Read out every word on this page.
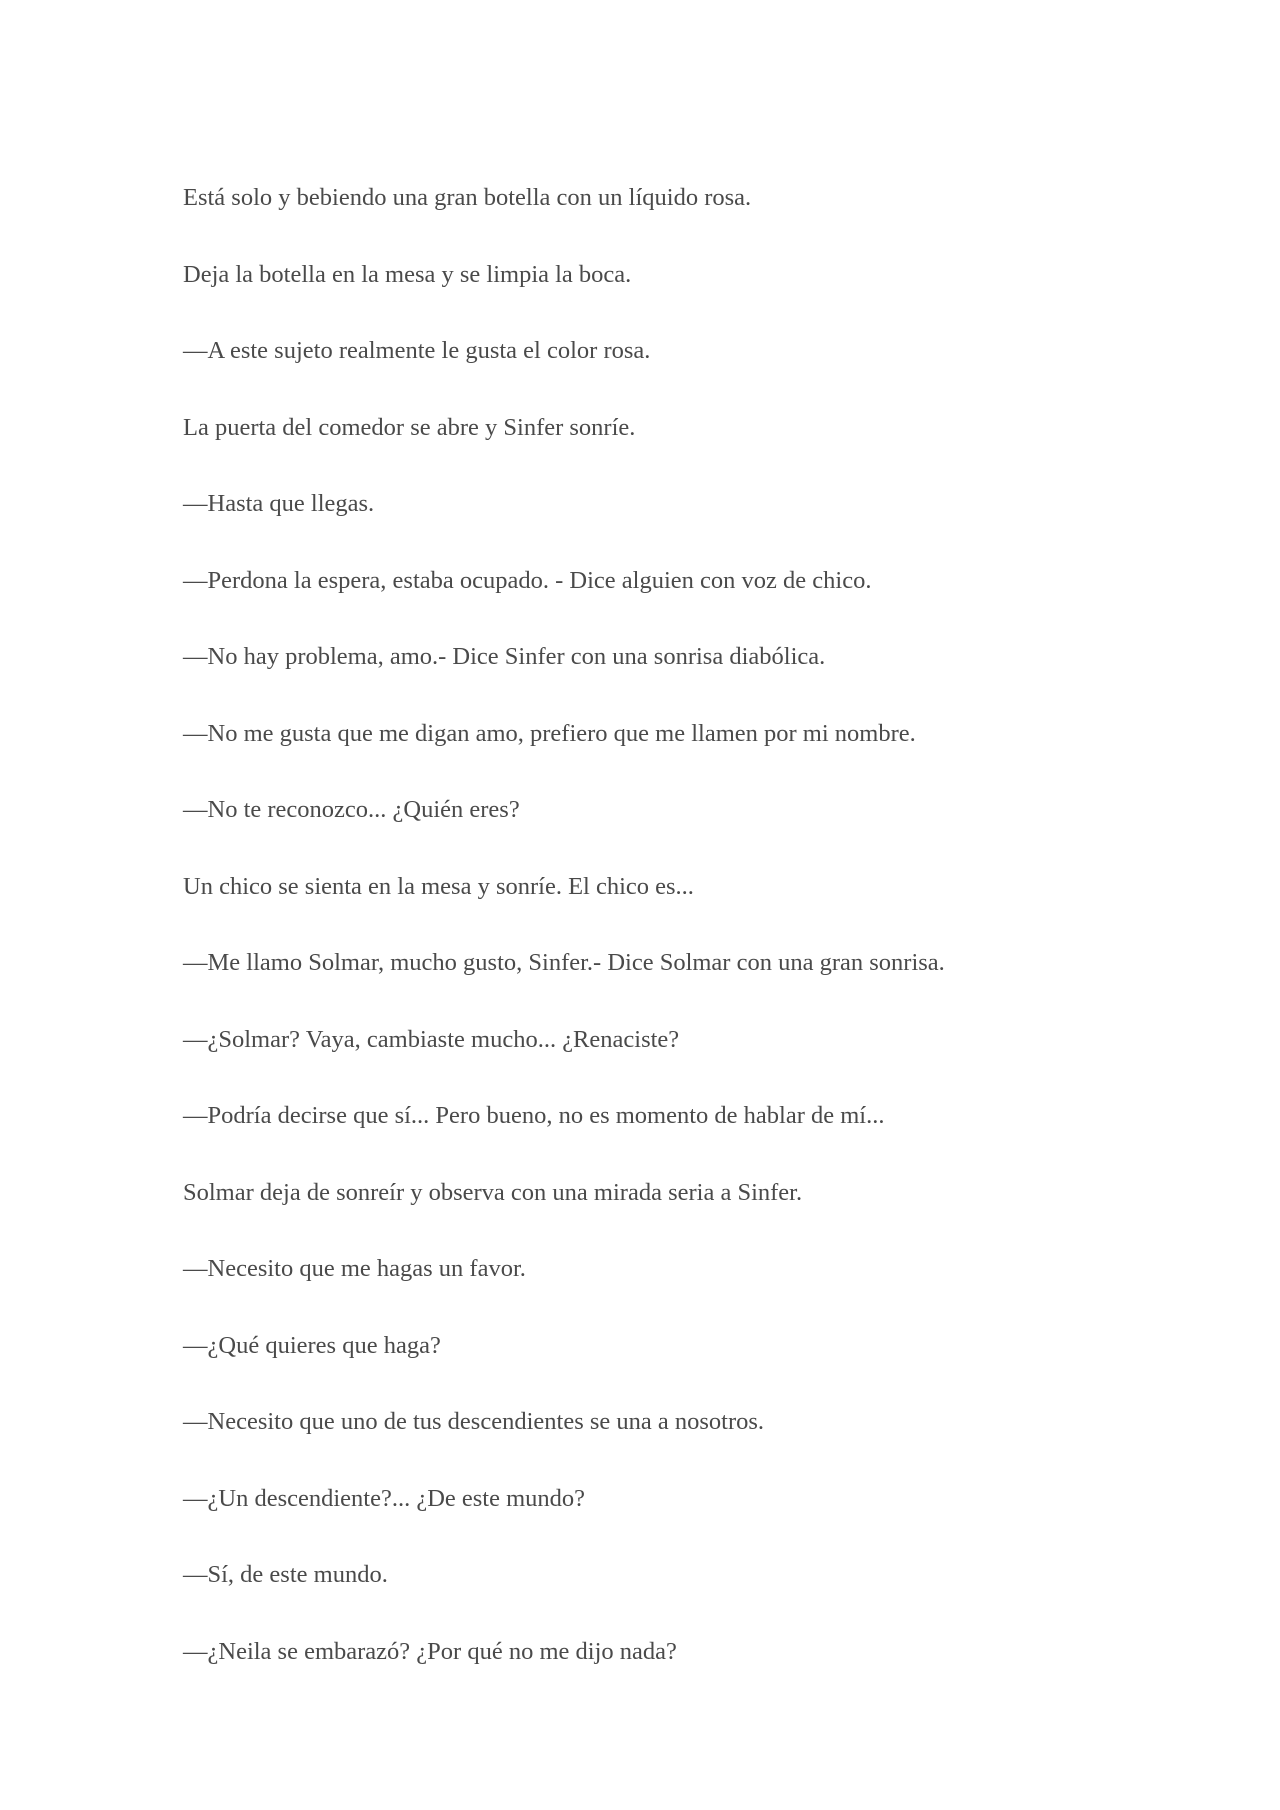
Está solo y bebiendo una gran botella con un líquido rosa.

Deja la botella en la mesa y se limpia la boca.

—A este sujeto realmente le gusta el color rosa.

La puerta del comedor se abre y Sinfer sonríe.

—Hasta que llegas.

—Perdona la espera, estaba ocupado. - Dice alguien con voz de chico.

—No hay problema, amo.- Dice Sinfer con una sonrisa diabólica.

—No me gusta que me digan amo, prefiero que me llamen por mi nombre.

—No te reconozco... ¿Quién eres?

Un chico se sienta en la mesa y sonríe. El chico es...

—Me llamo Solmar, mucho gusto, Sinfer.- Dice Solmar con una gran sonrisa.

—¿Solmar? Vaya, cambiaste mucho... ¿Renaciste?

—Podría decirse que sí... Pero bueno, no es momento de hablar de mí...

Solmar deja de sonreír y observa con una mirada seria a Sinfer.

—Necesito que me hagas un favor.

—¿Qué quieres que haga?

—Necesito que uno de tus descendientes se una a nosotros.

—¿Un descendiente?... ¿De este mundo?

—Sí, de este mundo.

—¿Neila se embarazó? ¿Por qué no me dijo nada?
